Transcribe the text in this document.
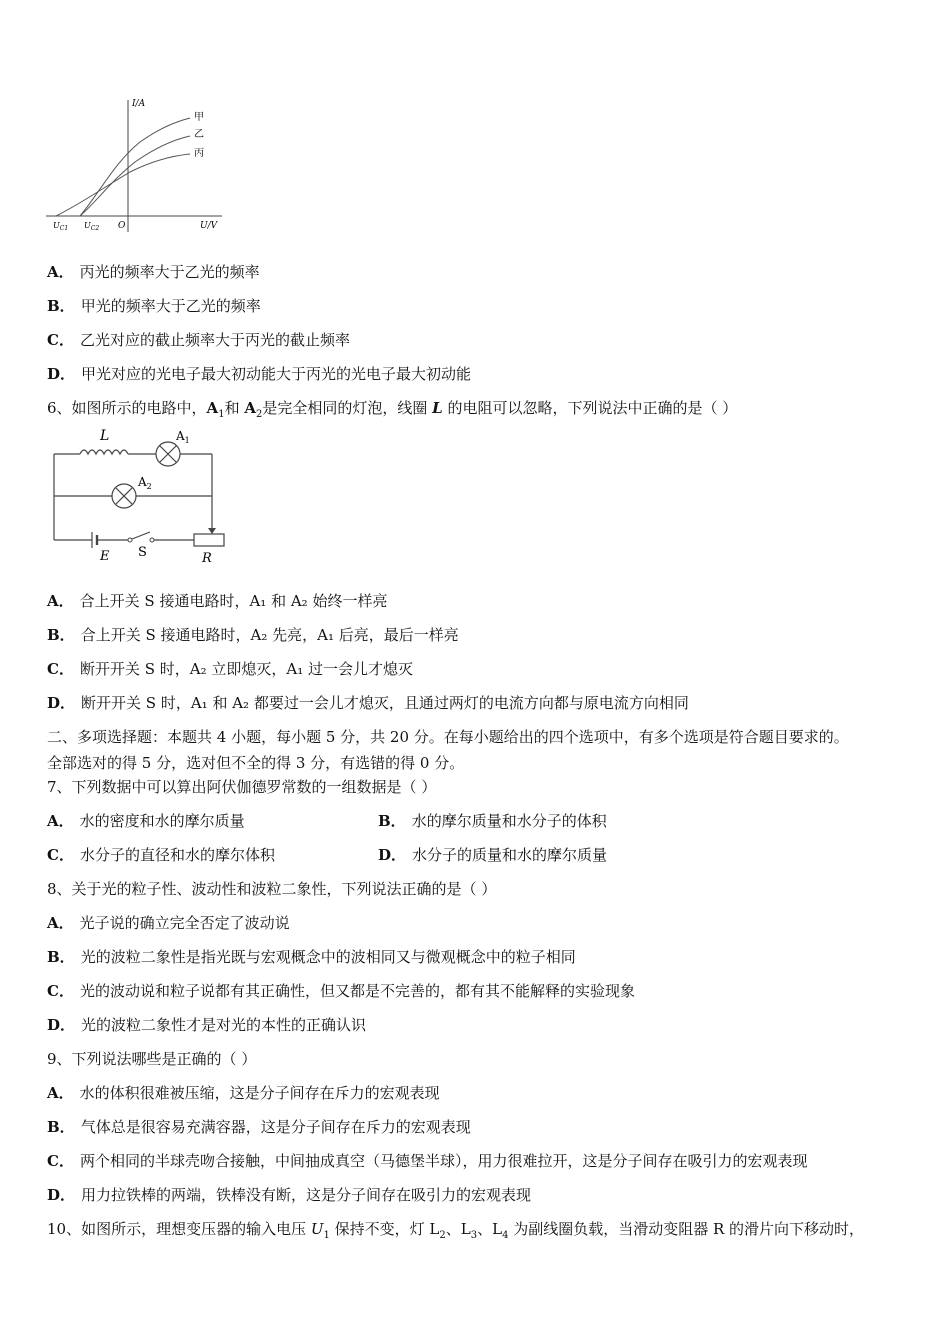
I/A
U/V
O
$U_{C1}$ $U_{C2}$
甲
乙
丙
A． 丙光的频率大于乙光的频率
B． 甲光的频率大于乙光的频率
C． 乙光对应的截止频率大于丙光的截止频率
D． 甲光对应的光电子最大初动能大于丙光的光电子最大初动能
6、如图所示的电路中，$A_1$和 $A_2$是完全相同的灯泡，线圈 L 的电阻可以忽略，下列说法中正确的是（ ）
L	$A_1$
$A_2$
E S	R
A． 合上开关 S 接通电路时，A₁ 和 A₂ 始终一样亮
B． 合上开关 S 接通电路时，A₂ 先亮，A₁ 后亮，最后一样亮
C． 断开开关 S 时，A₂ 立即熄灭，A₁ 过一会儿才熄灭
D． 断开开关 S 时，A₁ 和 A₂ 都要过一会儿才熄灭，且通过两灯的电流方向都与原电流方向相同
二、多项选择题：本题共 4 小题，每小题 5 分，共 20 分。在每小题给出的四个选项中，有多个选项是符合题目要求的。
全部选对的得 5 分，选对但不全的得 3 分，有选错的得 0 分。
7、下列数据中可以算出阿伏伽德罗常数的一组数据是（ ）
A． 水的密度和水的摩尔质量	B． 水的摩尔质量和水分子的体积
C． 水分子的直径和水的摩尔体积	D． 水分子的质量和水的摩尔质量
8、关于光的粒子性、波动性和波粒二象性，下列说法正确的是（ ）
A． 光子说的确立完全否定了波动说
B． 光的波粒二象性是指光既与宏观概念中的波相同又与微观概念中的粒子相同
C． 光的波动说和粒子说都有其正确性，但又都是不完善的，都有其不能解释的实验现象
D． 光的波粒二象性才是对光的本性的正确认识
9、下列说法哪些是正确的（ ）
A． 水的体积很难被压缩，这是分子间存在斥力的宏观表现
B． 气体总是很容易充满容器，这是分子间存在斥力的宏观表现
C． 两个相同的半球壳吻合接触，中间抽成真空（马德堡半球），用力很难拉开，这是分子间存在吸引力的宏观表现
D． 用力拉铁棒的两端，铁棒没有断，这是分子间存在吸引力的宏观表现
10、如图所示，理想变压器的输入电压 $U_1$ 保持不变，灯 $L_2$、$L_3$、$L_4$ 为副线圈负载，当滑动变阻器 R 的滑片向下移动时，
